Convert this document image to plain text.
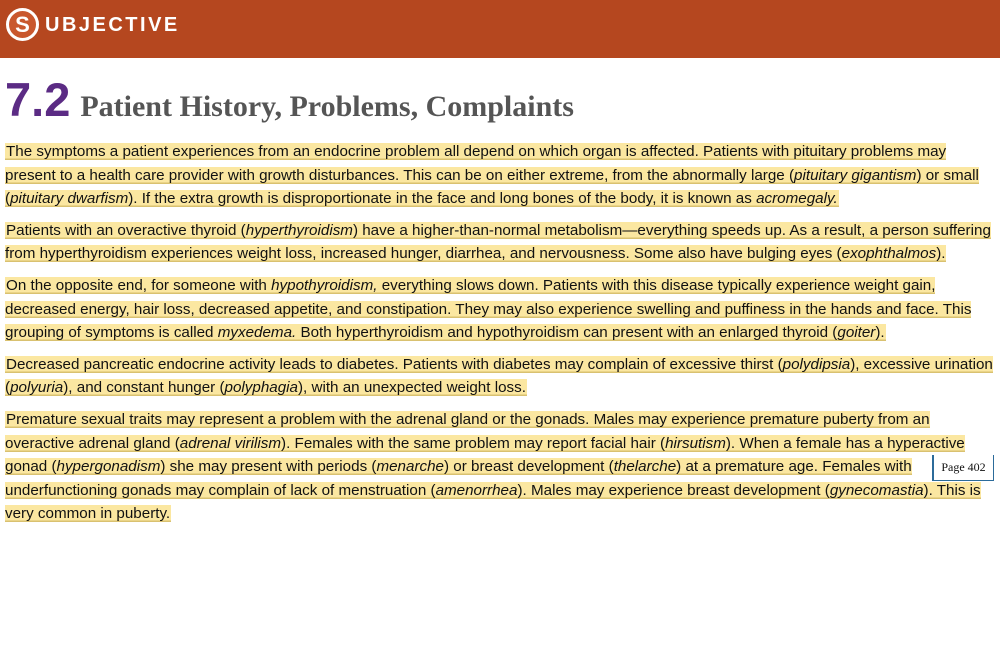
S UBJECTIVE
7.2 Patient History, Problems, Complaints

The symptoms a patient experiences from an endocrine problem all depend on which organ is affected. Patients with pituitary problems may present to a health care provider with growth disturbances. This can be on either extreme, from the abnormally large (pituitary gigantism) or small (pituitary dwarfism). If the extra growth is disproportionate in the face and long bones of the body, it is known as acromegaly.

Patients with an overactive thyroid (hyperthyroidism) have a higher-than-normal metabolism—everything speeds up. As a result, a person suffering from hyperthyroidism experiences weight loss, increased hunger, diarrhea, and nervousness. Some also have bulging eyes (exophthalmos).

On the opposite end, for someone with hypothyroidism, everything slows down. Patients with this disease typically experience weight gain, decreased energy, hair loss, decreased appetite, and constipation. They may also experience swelling and puffiness in the hands and face. This grouping of symptoms is called myxedema. Both hyperthyroidism and hypothyroidism can present with an enlarged thyroid (goiter).

Decreased pancreatic endocrine activity leads to diabetes. Patients with diabetes may complain of excessive thirst (polydipsia), excessive urination (polyuria), and constant hunger (polyphagia), with an unexpected weight loss.

Premature sexual traits may represent a problem with the adrenal gland or the gonads. Males may experience premature puberty from an overactive adrenal gland (adrenal virilism). Females with the same problem may report facial hair (hirsutism). When a female has a hyperactive gonad (hypergonadism) she may present with periods (menarche) or breast development (thelarche) at a premature age. Females with underfunctioning gonads may complain of lack of menstruation (amenorrhea). Males may experience breast development (gynecomastia). This is very common in puberty.

Page 402
